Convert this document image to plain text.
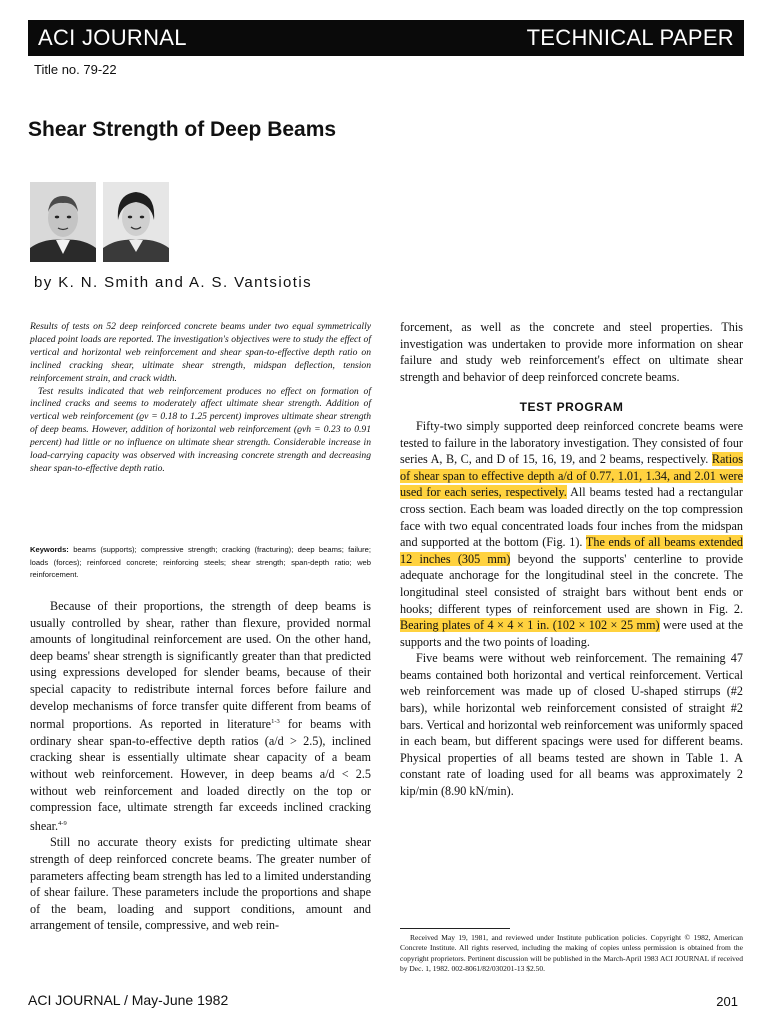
ACI JOURNAL	TECHNICAL PAPER
Title no. 79-22
Shear Strength of Deep Beams
by K. N. Smith and A. S. Vantsiotis

Results of tests on 52 deep reinforced concrete beams under two equal symmetrically placed point loads are reported. The investigation's objectives were to study the effect of vertical and horizontal web reinforcement and shear span-to-effective depth ratio on inclined cracking shear, ultimate shear strength, midspan deflection, tension reinforcement strain, and crack width.

Test results indicated that web reinforcement produces no effect on formation of inclined cracks and seems to moderately affect ultimate shear strength. Addition of vertical web reinforcement (ϱv = 0.18 to 1.25 percent) improves ultimate shear strength of deep beams. However, addition of horizontal web reinforcement (ϱvh = 0.23 to 0.91 percent) had little or no influence on ultimate shear strength. Considerable increase in load-carrying capacity was observed with increasing concrete strength and decreasing shear span-to-effective depth ratio.

Keywords: beams (supports); compressive strength; cracking (fracturing); deep beams; failure; loads (forces); reinforced concrete; reinforcing steels; shear strength; span-depth ratio; web reinforcement.

Because of their proportions, the strength of deep beams is usually controlled by shear, rather than flexure, provided normal amounts of longitudinal reinforcement are used. On the other hand, deep beams' shear strength is significantly greater than that predicted using expressions developed for slender beams, because of their special capacity to redistribute internal forces before failure and develop mechanisms of force transfer quite different from beams of normal proportions. As reported in literature$^{1-3}$ for beams with ordinary shear span-to-effective depth ratios (a/d > 2.5), inclined cracking shear is essentially ultimate shear capacity of a beam without web reinforcement. However, in deep beams a/d < 2.5 without web reinforcement and loaded directly on the top or compression face, ultimate strength far exceeds inclined cracking shear.$^{4-9}$

Still no accurate theory exists for predicting ultimate shear strength of deep reinforced concrete beams. The greater number of parameters affecting beam strength has led to a limited understanding of shear failure. These parameters include the proportions and shape of the beam, loading and support conditions, amount and arrangement of tensile, compressive, and web rein-

forcement, as well as the concrete and steel properties. This investigation was undertaken to provide more information on shear failure and study web reinforcement's effect on ultimate shear strength and behavior of deep reinforced concrete beams.

TEST PROGRAM

Fifty-two simply supported deep reinforced concrete beams were tested to failure in the laboratory investigation. They consisted of four series A, B, C, and D of 15, 16, 19, and 2 beams, respectively. Ratios of shear span to effective depth a/d of 0.77, 1.01, 1.34, and 2.01 were used for each series, respectively. All beams tested had a rectangular cross section. Each beam was loaded directly on the top compression face with two equal concentrated loads four inches from the midspan and supported at the bottom (Fig. 1). The ends of all beams extended 12 inches (305 mm) beyond the supports' centerline to provide adequate anchorage for the longitudinal steel in the concrete. The longitudinal steel consisted of straight bars without bent ends or hooks; different types of reinforcement used are shown in Fig. 2. Bearing plates of 4 × 4 × 1 in. (102 × 102 × 25 mm) were used at the supports and the two points of loading.

Five beams were without web reinforcement. The remaining 47 beams contained both horizontal and vertical reinforcement. Vertical web reinforcement was made up of closed U-shaped stirrups (#2 bars), while horizontal web reinforcement consisted of straight #2 bars. Vertical and horizontal web reinforcement was uniformly spaced in each beam, but different spacings were used for different beams. Physical properties of all beams tested are shown in Table 1. A constant rate of loading used for all beams was approximately 2 kip/min (8.90 kN/min).

Received May 19, 1981, and reviewed under Institute publication policies. Copyright © 1982, American Concrete Institute. All rights reserved, including the making of copies unless permission is obtained from the copyright proprietors. Pertinent discussion will be published in the March-April 1983 ACI JOURNAL if received by Dec. 1, 1982. 002-8061/82/030201-13 $2.50.
ACI JOURNAL / May-June 1982	201
